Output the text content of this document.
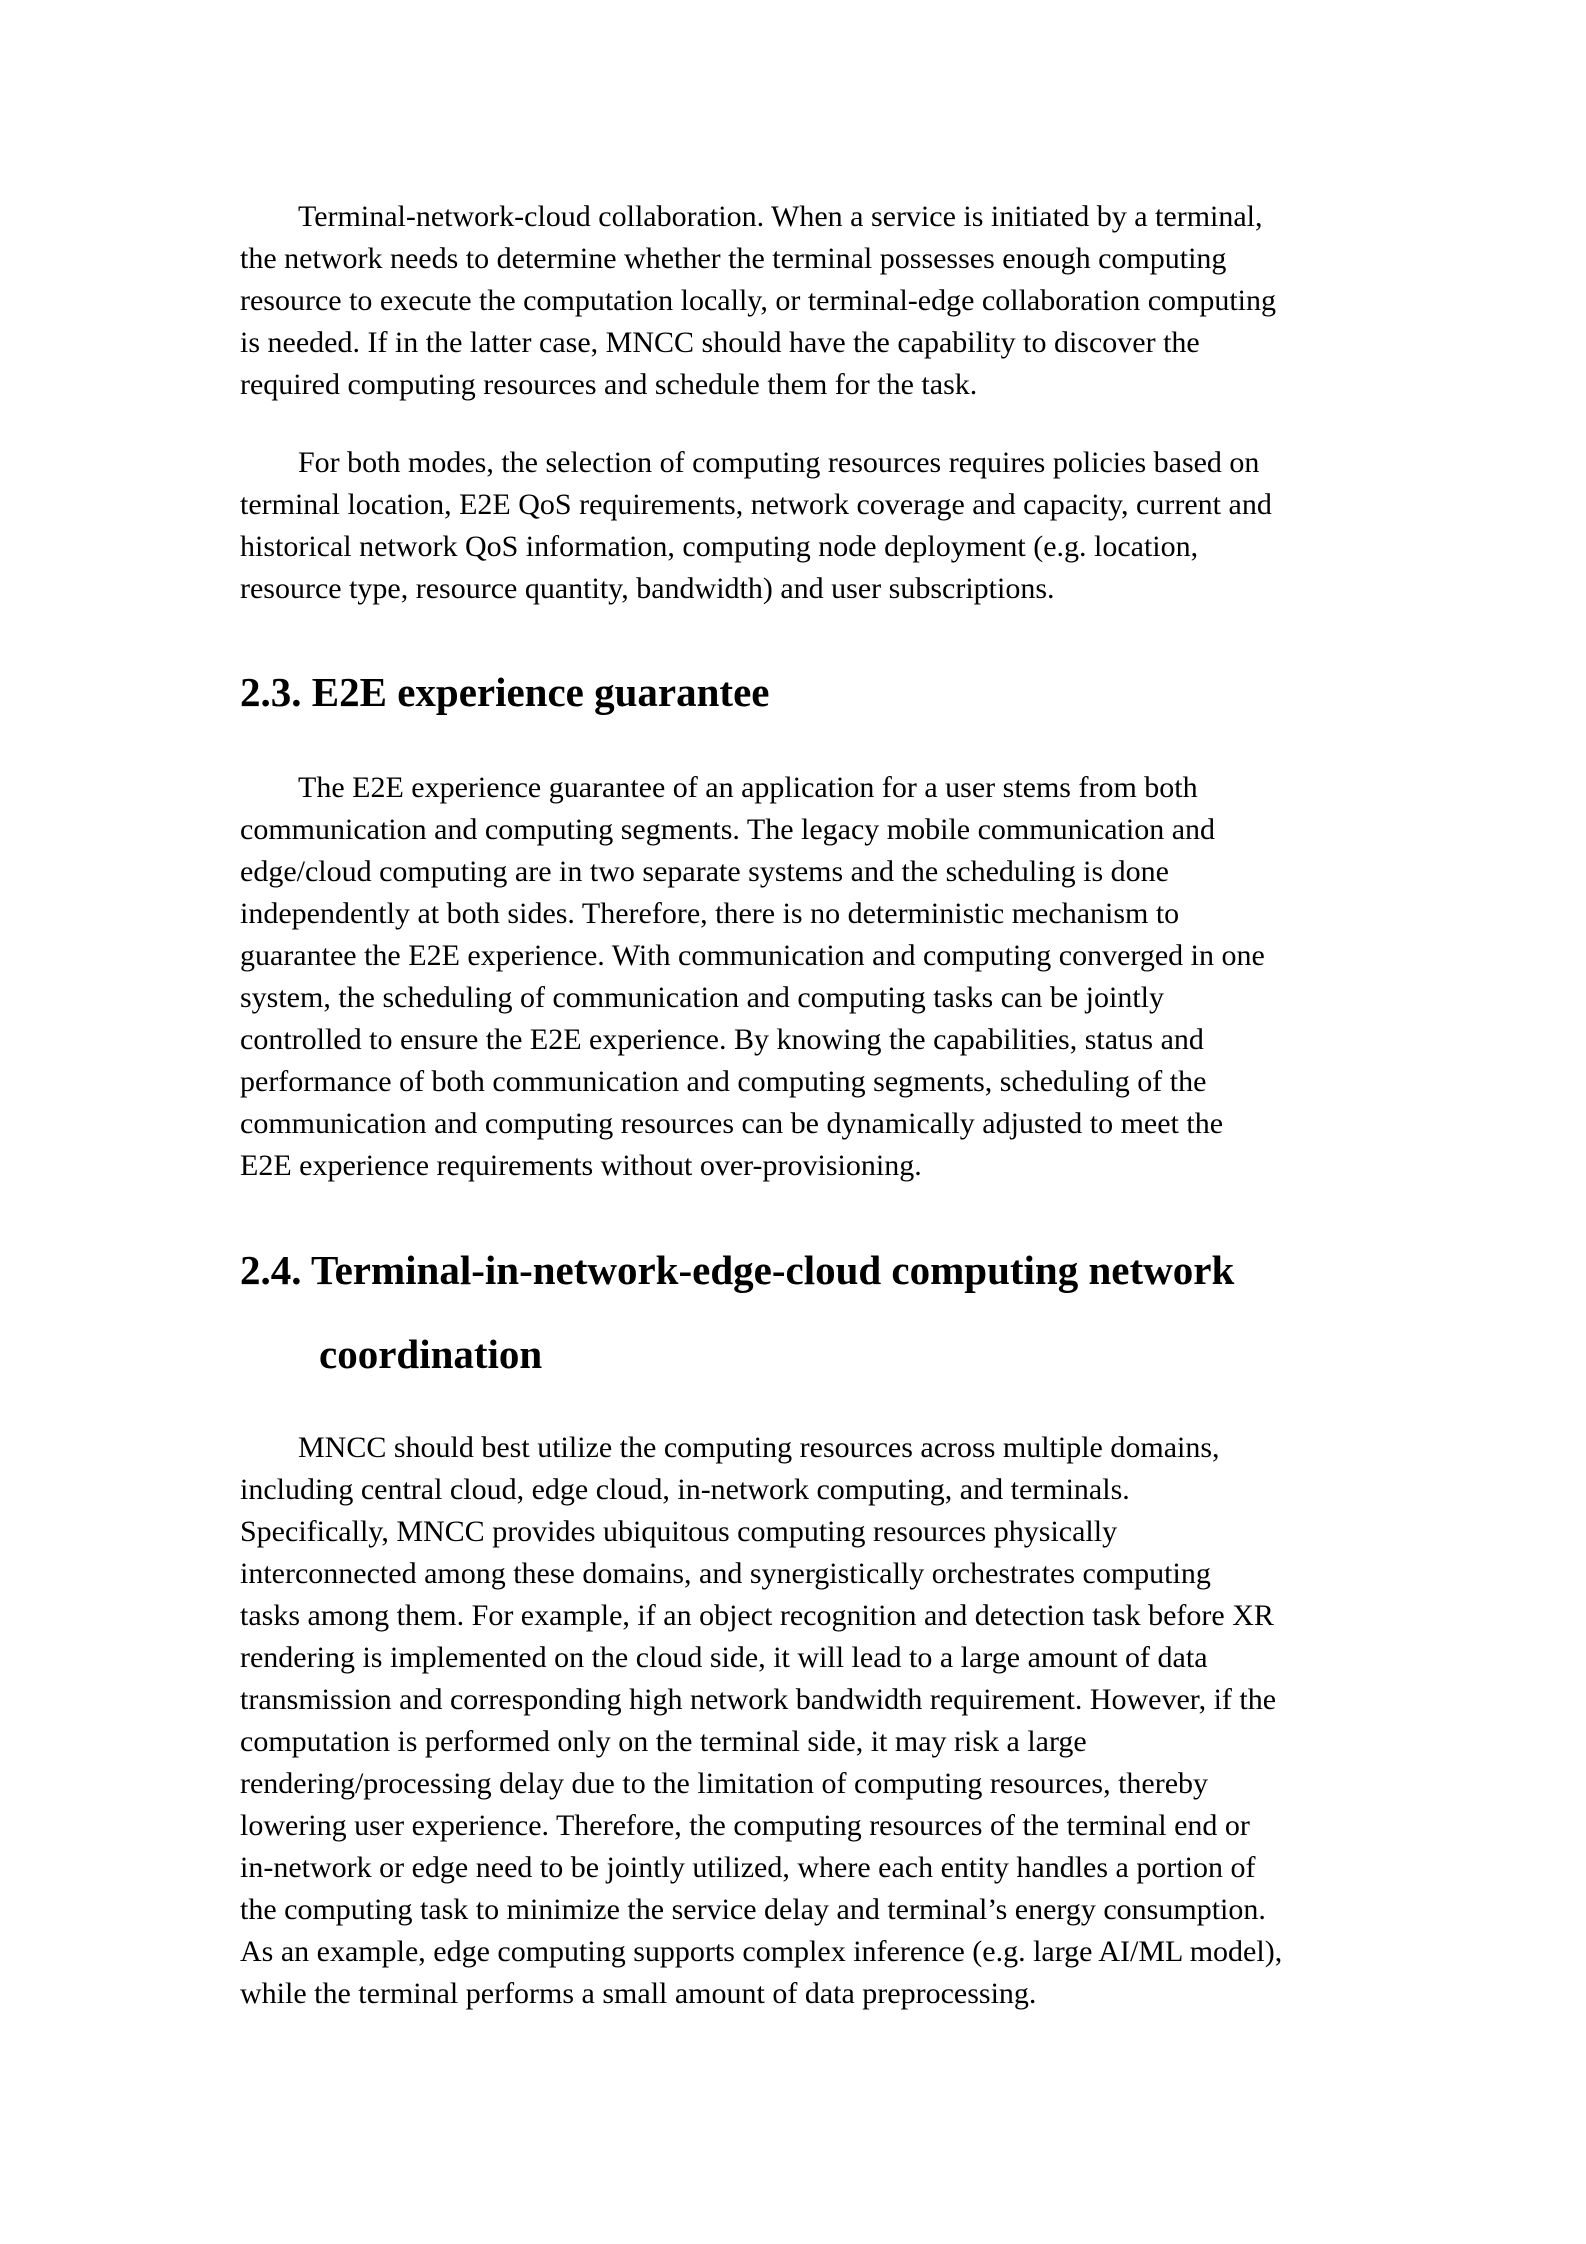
Terminal-network-cloud collaboration. When a service is initiated by a terminal,
the network needs to determine whether the terminal possesses enough computing
resource to execute the computation locally, or terminal-edge collaboration computing
is needed. If in the latter case, MNCC should have the capability to discover the
required computing resources and schedule them for the task.

For both modes, the selection of computing resources requires policies based on
terminal location, E2E QoS requirements, network coverage and capacity, current and
historical network QoS information, computing node deployment (e.g. location,
resource type, resource quantity, bandwidth) and user subscriptions.

2.3. E2E experience guarantee

The E2E experience guarantee of an application for a user stems from both
communication and computing segments. The legacy mobile communication and
edge/cloud computing are in two separate systems and the scheduling is done
independently at both sides. Therefore, there is no deterministic mechanism to
guarantee the E2E experience. With communication and computing converged in one
system, the scheduling of communication and computing tasks can be jointly
controlled to ensure the E2E experience. By knowing the capabilities, status and
performance of both communication and computing segments, scheduling of the
communication and computing resources can be dynamically adjusted to meet the
E2E experience requirements without over-provisioning.

2.4. Terminal-in-network-edge-cloud computing network
coordination

MNCC should best utilize the computing resources across multiple domains,
including central cloud, edge cloud, in-network computing, and terminals.
Specifically, MNCC provides ubiquitous computing resources physically
interconnected among these domains, and synergistically orchestrates computing
tasks among them. For example, if an object recognition and detection task before XR
rendering is implemented on the cloud side, it will lead to a large amount of data
transmission and corresponding high network bandwidth requirement. However, if the
computation is performed only on the terminal side, it may risk a large
rendering/processing delay due to the limitation of computing resources, thereby
lowering user experience. Therefore, the computing resources of the terminal end or
in-network or edge need to be jointly utilized, where each entity handles a portion of
the computing task to minimize the service delay and terminal’s energy consumption.
As an example, edge computing supports complex inference (e.g. large AI/ML model),
while the terminal performs a small amount of data preprocessing.
